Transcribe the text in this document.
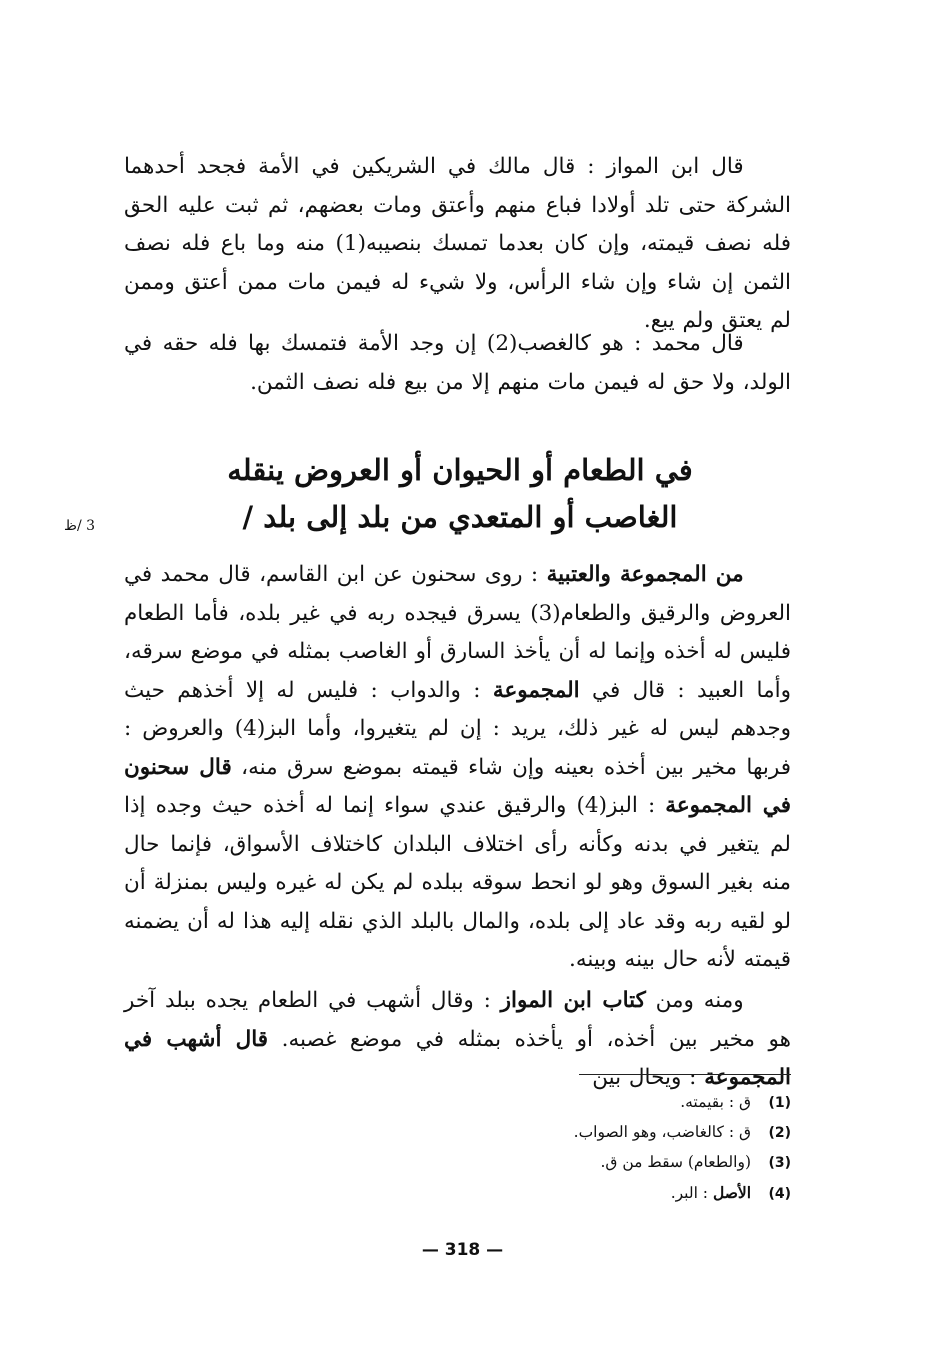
قال ابن المواز : قال مالك في الشريكين في الأمة فجحد أحدهما الشركة حتى تلد أولادا فباع منهم وأعتق ومات بعضهم، ثم ثبت عليه الحق فله نصف قيمته، وإن كان بعدما تمسك بنصيبه(1) منه وما باع فله نصف الثمن إن شاء وإن شاء الرأس، ولا شيء له فيمن مات ممن أعتق وممن لم يعتق ولم يبع.

قال محمد : هو كالغصب(2) إن وجد الأمة فتمسك بها فله حقه في الولد، ولا حق له فيمن مات منهم إلا من بيع فله نصف الثمن.

في الطعام أو الحيوان أو العروض ينقله
الغاصب أو المتعدي من بلد إلى بلد /
3 /ظ

من المجموعة والعتبية : روى سحنون عن ابن القاسم، قال محمد في العروض والرقيق والطعام(3) يسرق فيجده ربه في غير بلده، فأما الطعام فليس له أخذه وإنما له أن يأخذ السارق أو الغاصب بمثله في موضع سرقه، وأما العبيد : قال في المجموعة : والدواب : فليس له إلا أخذهم حيث وجدهم ليس له غير ذلك، يريد : إن لم يتغيروا، وأما البز(4) والعروض : فربها مخير بين أخذه بعينه وإن شاء قيمته بموضع سرق منه، قال سحنون في المجموعة : البز(4) والرقيق عندي سواء إنما له أخذه حيث وجده إذا لم يتغير في بدنه وكأنه رأى اختلاف البلدان كاختلاف الأسواق، فإنما حال منه بغير السوق وهو لو انحط سوقه ببلده لم يكن له غيره وليس بمنزلة أن لو لقيه ربه وقد عاد إلى بلده، والمال بالبلد الذي نقله إليه هذا له أن يضمنه قيمته لأنه حال بينه وبينه.

ومنه ومن كتاب ابن المواز : وقال أشهب في الطعام يجده ببلد آخر هو مخير بين أخذه، أو يأخذه بمثله في موضع غصبه. قال أشهب في المجموعة : ويحال بين

(1)
ق : بقيمته.
(2)
ق : كالغاضب، وهو الصواب.
(3)
(والطعام) سقط من ق.
(4)
الأصل : البر.
— 318 —
